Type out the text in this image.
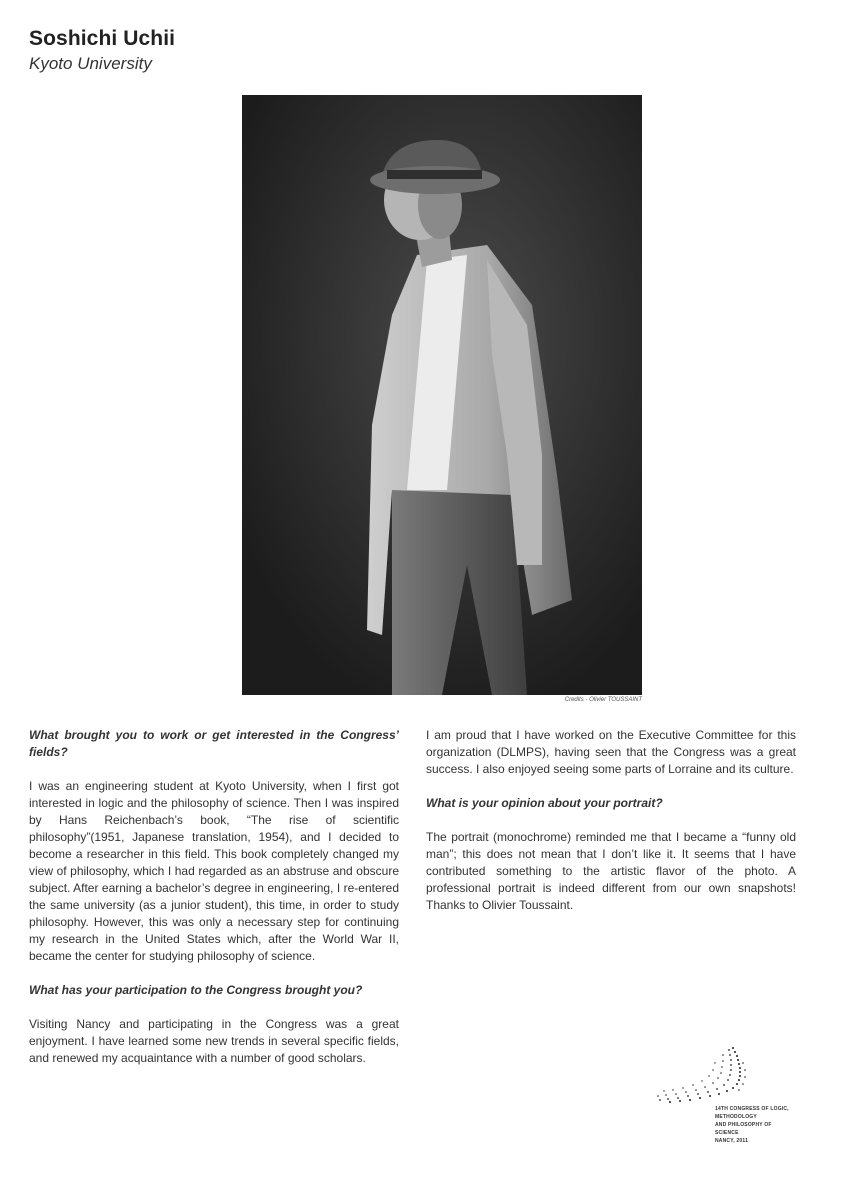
Soshichi Uchii

Kyoto University

Credits - Olivier TOUSSAINT

What brought you to work or get interested in the Congress’ fields?

I was an engineering student at Kyoto University, when I first got interested in logic and the philosophy of science. Then I was inspired by Hans Reichenbach’s book, “The rise of scientific philosophy”(1951, Japanese translation, 1954), and I decided to become a researcher in this field. This book completely changed my view of philosophy, which I had regarded as an abstruse and obscure subject. After earning a bachelor’s degree in engineering, I re-entered the same university (as a junior student), this time, in order to study philosophy. However, this was only a necessary step for continuing my research in the United States which, after the World War II, became the center for studying philosophy of science.

What has your participation to the Congress brought you?

Visiting Nancy and participating in the Congress was a great enjoyment. I have learned some new trends in several specific fields, and renewed my acquaintance with a number of good scholars.

I am proud that I have worked on the Executive Committee for this organization (DLMPS), having seen that the Congress was a great success. I also enjoyed seeing some parts of Lorraine and its culture.

What is your opinion about your portrait?

The portrait (monochrome) reminded me that I became a “funny old man”; this does not mean that I don’t like it. It seems that I have contributed something to the artistic flavor of the photo. A professional portrait is indeed different from our own snapshots! Thanks to Olivier Toussaint.

14TH CONGRESS OF LOGIC,
METHODOLOGY
AND PHILOSOPHY OF SCIENCE
NANCY, 2011
